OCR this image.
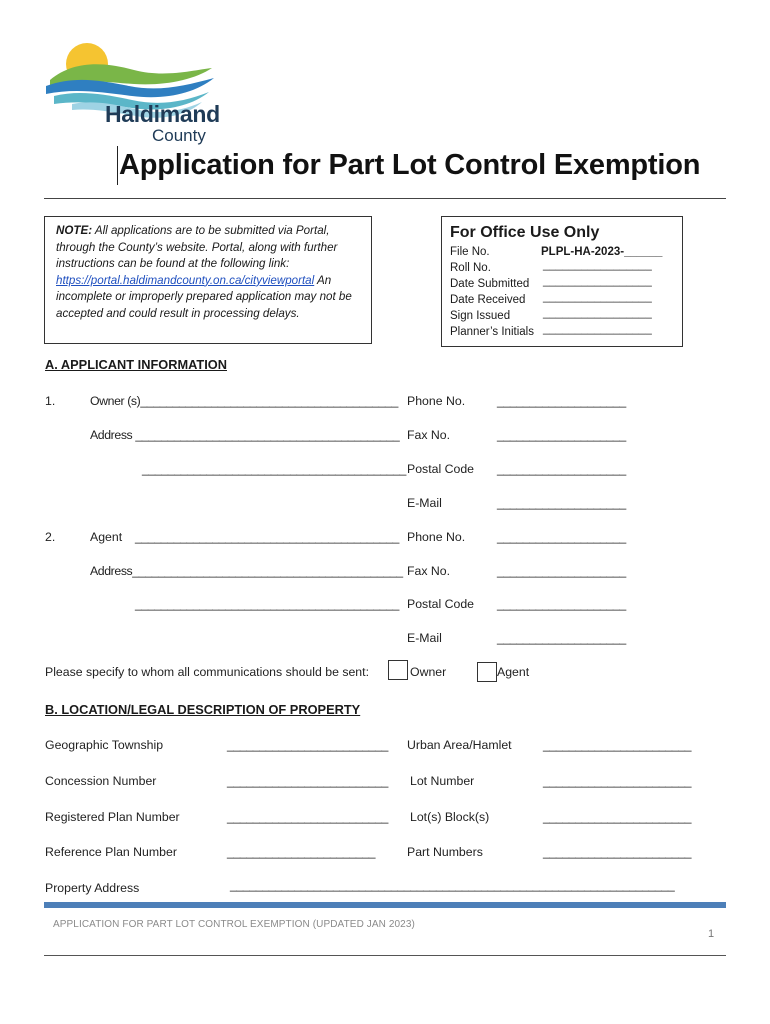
Haldimand
County
Application for Part Lot Control Exemption
NOTE: All applications are to be submitted via Portal, through the County’s website. Portal, along with further instructions can be found at the following link: https://portal.haldimandcounty.on.ca/cityviewportal An incomplete or improperly prepared application may not be accepted and could result in processing delays.
For Office Use Only
File No.	PLPL-HA-2023-______
Roll No.	_________________
Date Submitted _________________
Date Received _________________
Sign Issued	_________________
Planner’s Initials _________________
A. APPLICANT INFORMATION
1.	Owner (s)________________________________________ Phone No.	____________________
Address _________________________________________ Fax No.	____________________
_________________________________________ Postal Code ____________________
E-Mail	____________________
2.	Agent _________________________________________ Phone No.	____________________
Address__________________________________________ Fax No.	____________________
_________________________________________ Postal Code ____________________
E-Mail	____________________
Please specify to whom all communications should be sent:	Owner	Agent
B. LOCATION/LEGAL DESCRIPTION OF PROPERTY
Geographic Township	_________________________ Urban Area/Hamlet	_______________________
Concession Number	_________________________ Lot Number	_______________________
Registered Plan Number	_________________________ Lot(s) Block(s)	_______________________
Reference Plan Number	_______________________	Part Numbers	_______________________
Property Address	_____________________________________________________________________
APPLICATION FOR PART LOT CONTROL EXEMPTION (UPDATED JAN 2023)
1
